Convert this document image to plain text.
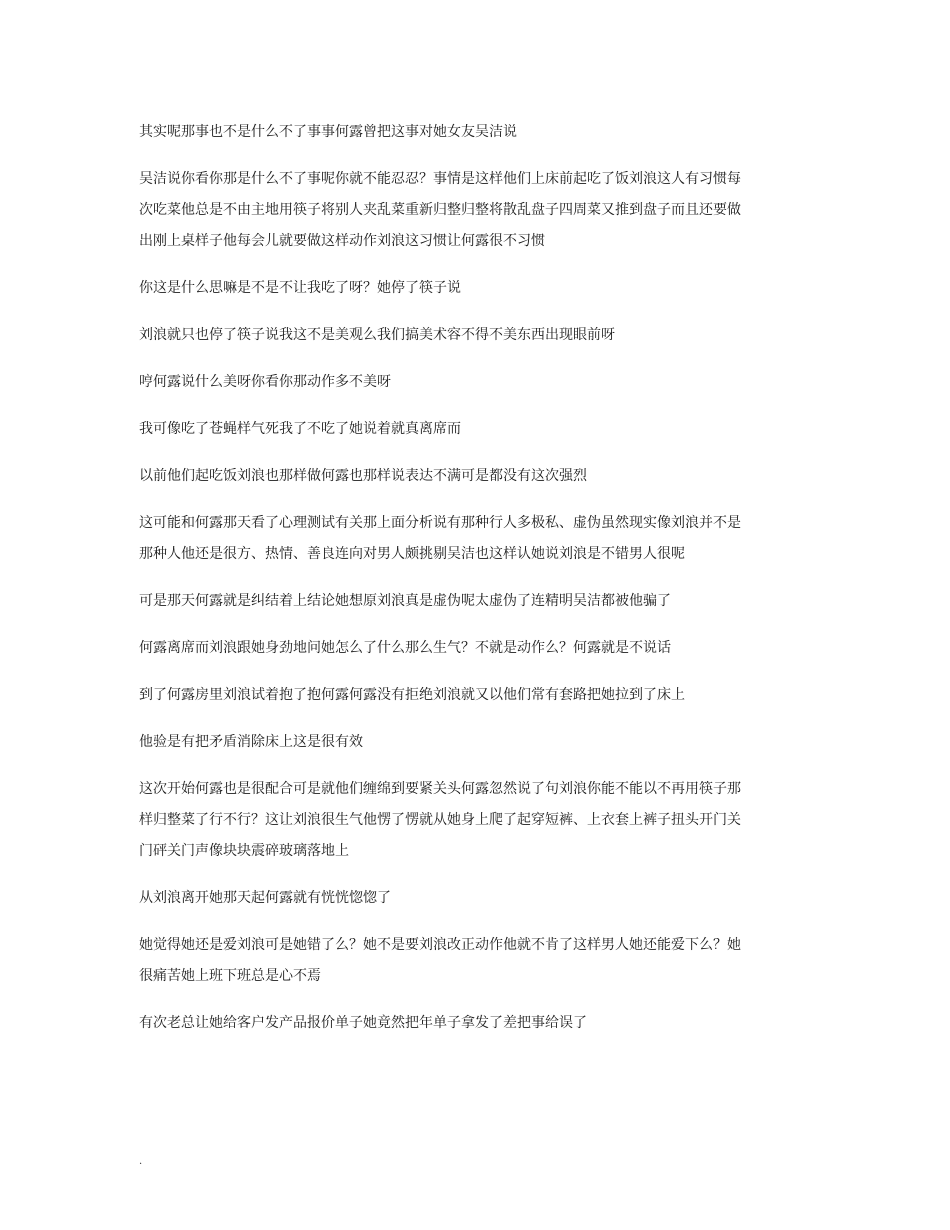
其实呢那事也不是什么不了事事何露曾把这事对她女友吴洁说

吴洁说你看你那是什么不了事呢你就不能忍忍？事情是这样他们上床前起吃了饭刘浪这人有习惯每次吃菜他总是不由主地用筷子将别人夹乱菜重新归整归整将散乱盘子四周菜又推到盘子而且还要做出刚上桌样子他每会儿就要做这样动作刘浪这习惯让何露很不习惯

你这是什么思嘛是不是不让我吃了呀？她停了筷子说

刘浪就只也停了筷子说我这不是美观么我们搞美术容不得不美东西出现眼前呀

哼何露说什么美呀你看你那动作多不美呀

我可像吃了苍蝇样气死我了不吃了她说着就真离席而

以前他们起吃饭刘浪也那样做何露也那样说表达不满可是都没有这次强烈

这可能和何露那天看了心理测试有关那上面分析说有那种行人多极私、虚伪虽然现实像刘浪并不是那种人他还是很方、热情、善良连向对男人颇挑剔吴洁也这样认她说刘浪是不错男人很呢

可是那天何露就是纠结着上结论她想原刘浪真是虚伪呢太虚伪了连精明吴洁都被他骗了

何露离席而刘浪跟她身劲地问她怎么了什么那么生气？不就是动作么？何露就是不说话

到了何露房里刘浪试着抱了抱何露何露没有拒绝刘浪就又以他们常有套路把她拉到了床上

他验是有把矛盾消除床上这是很有效

这次开始何露也是很配合可是就他们缠绵到要紧关头何露忽然说了句刘浪你能不能以不再用筷子那样归整菜了行不行？这让刘浪很生气他愣了愣就从她身上爬了起穿短裤、上衣套上裤子扭头开门关门砰关门声像块块震碎玻璃落地上

从刘浪离开她那天起何露就有恍恍惚惚了

她觉得她还是爱刘浪可是她错了么？她不是要刘浪改正动作他就不肯了这样男人她还能爱下么？她很痛苦她上班下班总是心不焉

有次老总让她给客户发产品报价单子她竟然把年单子拿发了差把事给误了

.
